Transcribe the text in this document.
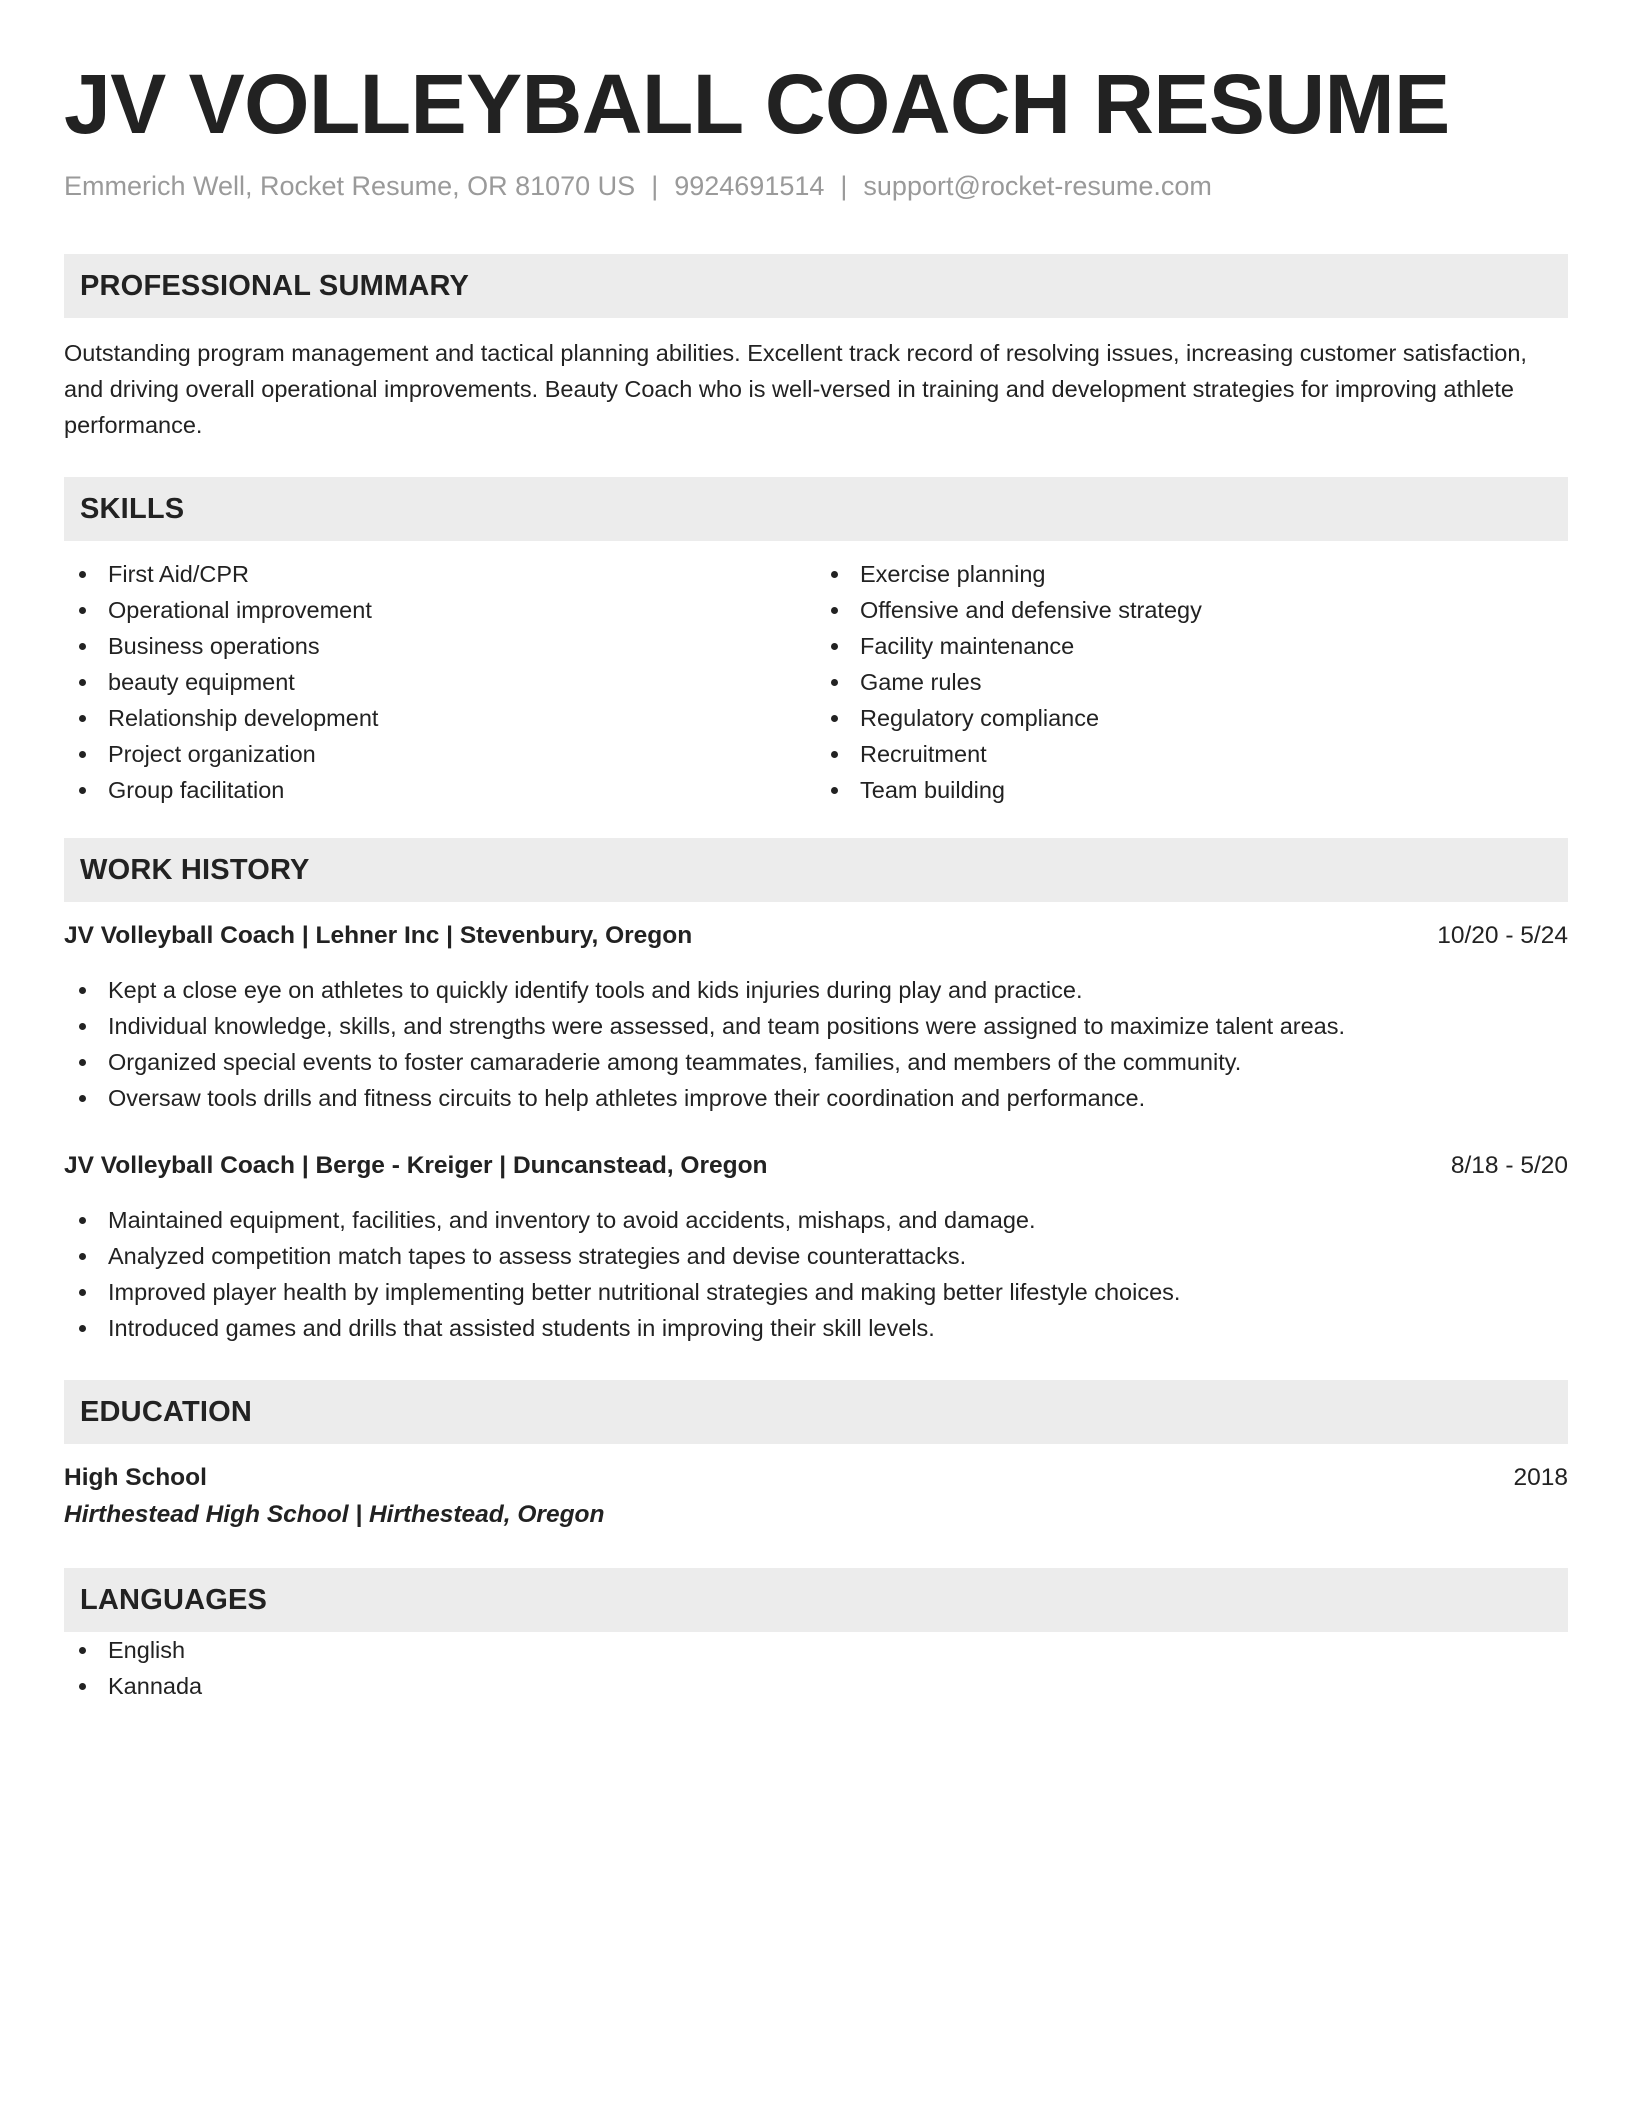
JV VOLLEYBALL COACH RESUME
Emmerich Well, Rocket Resume, OR 81070 US | 9924691514 | support@rocket-resume.com
PROFESSIONAL SUMMARY

Outstanding program management and tactical planning abilities. Excellent track record of resolving issues, increasing customer satisfaction, and driving overall operational improvements. Beauty Coach who is well-versed in training and development strategies for improving athlete performance.

SKILLS
First Aid/CPR
Operational improvement
Business operations
beauty equipment
Relationship development
Project organization
Group facilitation
Exercise planning
Offensive and defensive strategy
Facility maintenance
Game rules
Regulatory compliance
Recruitment
Team building
WORK HISTORY
JV Volleyball Coach | Lehner Inc | Stevenbury, Oregon	10/20 - 5/24
Kept a close eye on athletes to quickly identify tools and kids injuries during play and practice.
Individual knowledge, skills, and strengths were assessed, and team positions were assigned to maximize talent areas.
Organized special events to foster camaraderie among teammates, families, and members of the community.
Oversaw tools drills and fitness circuits to help athletes improve their coordination and performance.
JV Volleyball Coach | Berge - Kreiger | Duncanstead, Oregon	8/18 - 5/20
Maintained equipment, facilities, and inventory to avoid accidents, mishaps, and damage.
Analyzed competition match tapes to assess strategies and devise counterattacks.
Improved player health by implementing better nutritional strategies and making better lifestyle choices.
Introduced games and drills that assisted students in improving their skill levels.
EDUCATION
High School	2018
Hirthestead High School | Hirthestead, Oregon
LANGUAGES
English
Kannada
